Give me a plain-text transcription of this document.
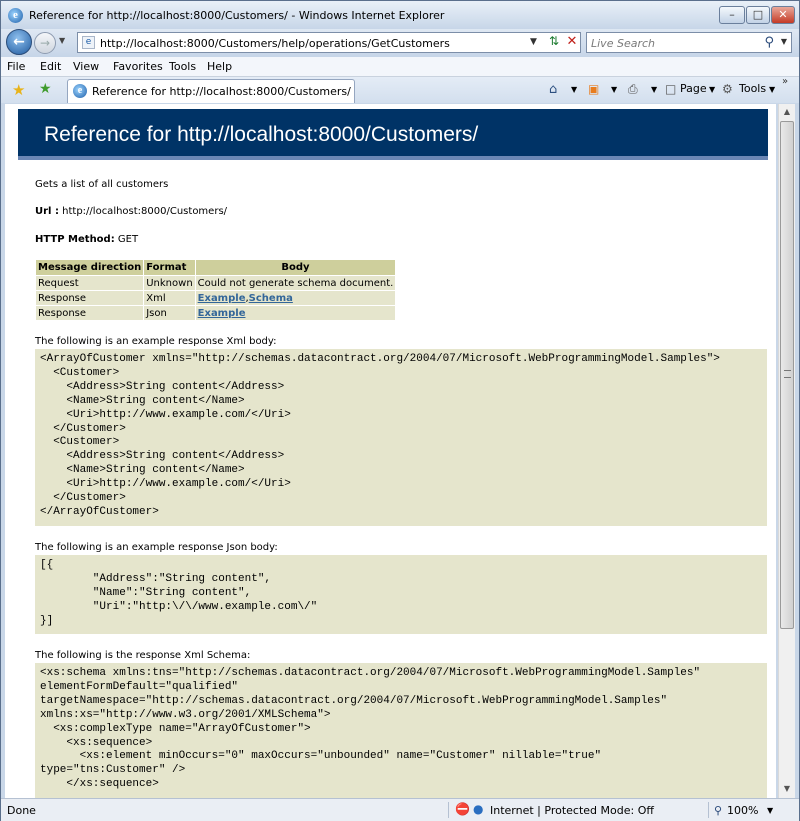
e	Reference for http://localhost:8000/Customers/ - Windows Internet Explorer	–	□	✕
←	→	▼	e http://localhost:8000/Customers/help/operations/GetCustomers	▼ ⇅ ✕ Live Search	⚲ ▼
File Edit View Favorites Tools Help
★ ★	e Reference for http://localhost:8000/Customers/	⌂ ▼ ▣ ▼ ⎙ ▼ □ Page ▼ ⚙ Tools ▼
»
Reference for http://localhost:8000/Customers/
Gets a list of all customers
Url : http://localhost:8000/Customers/
HTTP Method: GET
Message direction	Format	Body
Request	Unknown	Could not generate schema document.
Response	Xml	Example,Schema
Response	Json	Example
The following is an example response Xml body:
<ArrayOfCustomer xmlns="http://schemas.datacontract.org/2004/07/Microsoft.WebProgrammingModel.Samples">
<Customer>
<Address>String content</Address>
<Name>String content</Name>
<Uri>http://www.example.com/</Uri>
</Customer>
<Customer>
<Address>String content</Address>
<Name>String content</Name>
<Uri>http://www.example.com/</Uri>
</Customer>
</ArrayOfCustomer>
The following is an example response Json body:
[{
"Address":"String content",
"Name":"String content",
"Uri":"http:\/\/www.example.com\/"
}]
The following is the response Xml Schema:
<xs:schema xmlns:tns="http://schemas.datacontract.org/2004/07/Microsoft.WebProgrammingModel.Samples"
elementFormDefault="qualified"
targetNamespace="http://schemas.datacontract.org/2004/07/Microsoft.WebProgrammingModel.Samples"
xmlns:xs="http://www.w3.org/2001/XMLSchema">
<xs:complexType name="ArrayOfCustomer">
<xs:sequence>
<xs:element minOccurs="0" maxOccurs="unbounded" name="Customer" nillable="true"
type="tns:Customer" />
</xs:sequence>
▲
▼
Done	⛔ ● Internet | Protected Mode: Off	⚲ 100% ▼
